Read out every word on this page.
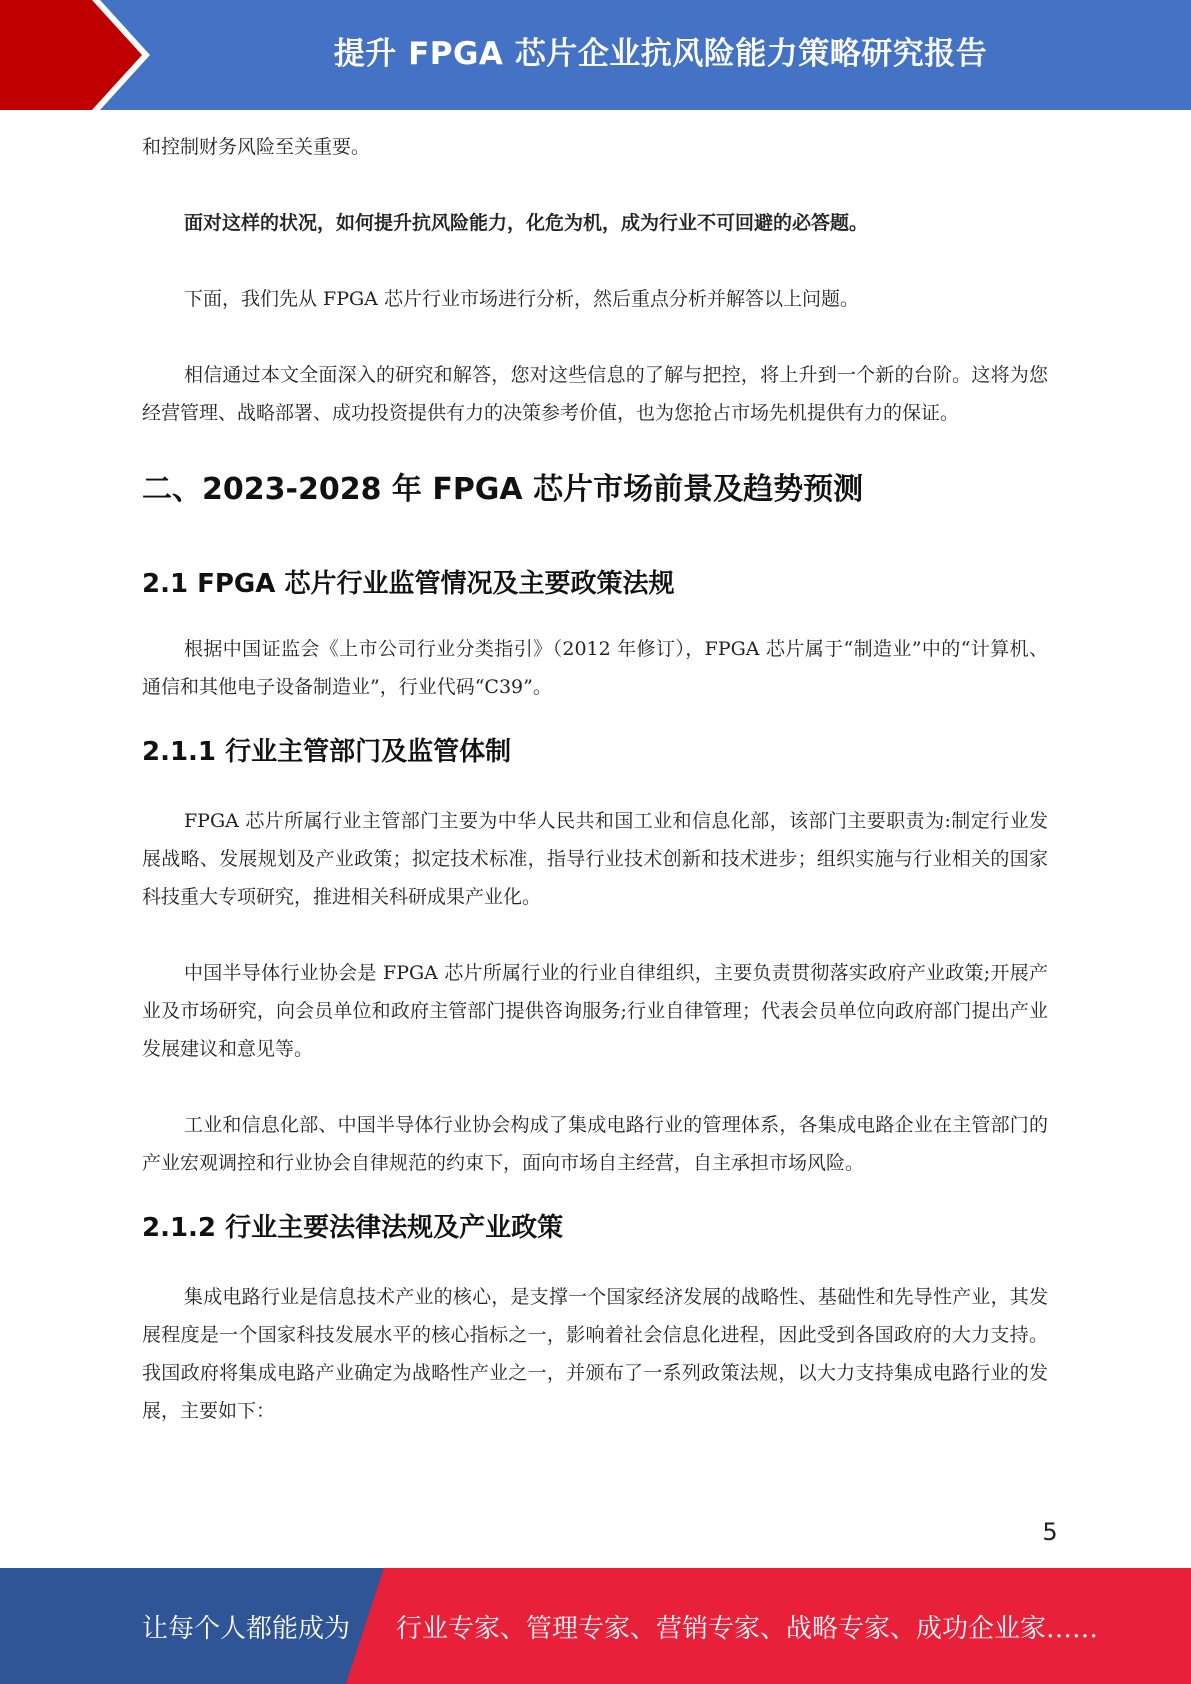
提升 FPGA 芯片企业抗风险能力策略研究报告

和控制财务风险至关重要。

面对这样的状况，如何提升抗风险能力，化危为机，成为行业不可回避的必答题。

下面，我们先从 FPGA 芯片行业市场进行分析，然后重点分析并解答以上问题。

相信通过本文全面深入的研究和解答，您对这些信息的了解与把控，将上升到一个新的台阶。这将为您经营管理、战略部署、成功投资提供有力的决策参考价值，也为您抢占市场先机提供有力的保证。

二、2023-2028 年 FPGA 芯片市场前景及趋势预测
2.1 FPGA 芯片行业监管情况及主要政策法规

根据中国证监会《上市公司行业分类指引》（2012 年修订），FPGA 芯片属于“制造业”中的“计算机、通信和其他电子设备制造业”，行业代码“C39”。

2.1.1 行业主管部门及监管体制

FPGA 芯片所属行业主管部门主要为中华人民共和国工业和信息化部，该部门主要职责为:制定行业发展战略、发展规划及产业政策；拟定技术标准，指导行业技术创新和技术进步；组织实施与行业相关的国家科技重大专项研究，推进相关科研成果产业化。

中国半导体行业协会是 FPGA 芯片所属行业的行业自律组织，主要负责贯彻落实政府产业政策;开展产业及市场研究，向会员单位和政府主管部门提供咨询服务;行业自律管理；代表会员单位向政府部门提出产业发展建议和意见等。

工业和信息化部、中国半导体行业协会构成了集成电路行业的管理体系，各集成电路企业在主管部门的产业宏观调控和行业协会自律规范的约束下，面向市场自主经营，自主承担市场风险。

2.1.2 行业主要法律法规及产业政策

集成电路行业是信息技术产业的核心，是支撑一个国家经济发展的战略性、基础性和先导性产业，其发展程度是一个国家科技发展水平的核心指标之一，影响着社会信息化进程，因此受到各国政府的大力支持。我国政府将集成电路产业确定为战略性产业之一，并颁布了一系列政策法规，以大力支持集成电路行业的发展，主要如下：

5
让每个人都能成为 行业专家、管理专家、营销专家、战略专家、成功企业家……
